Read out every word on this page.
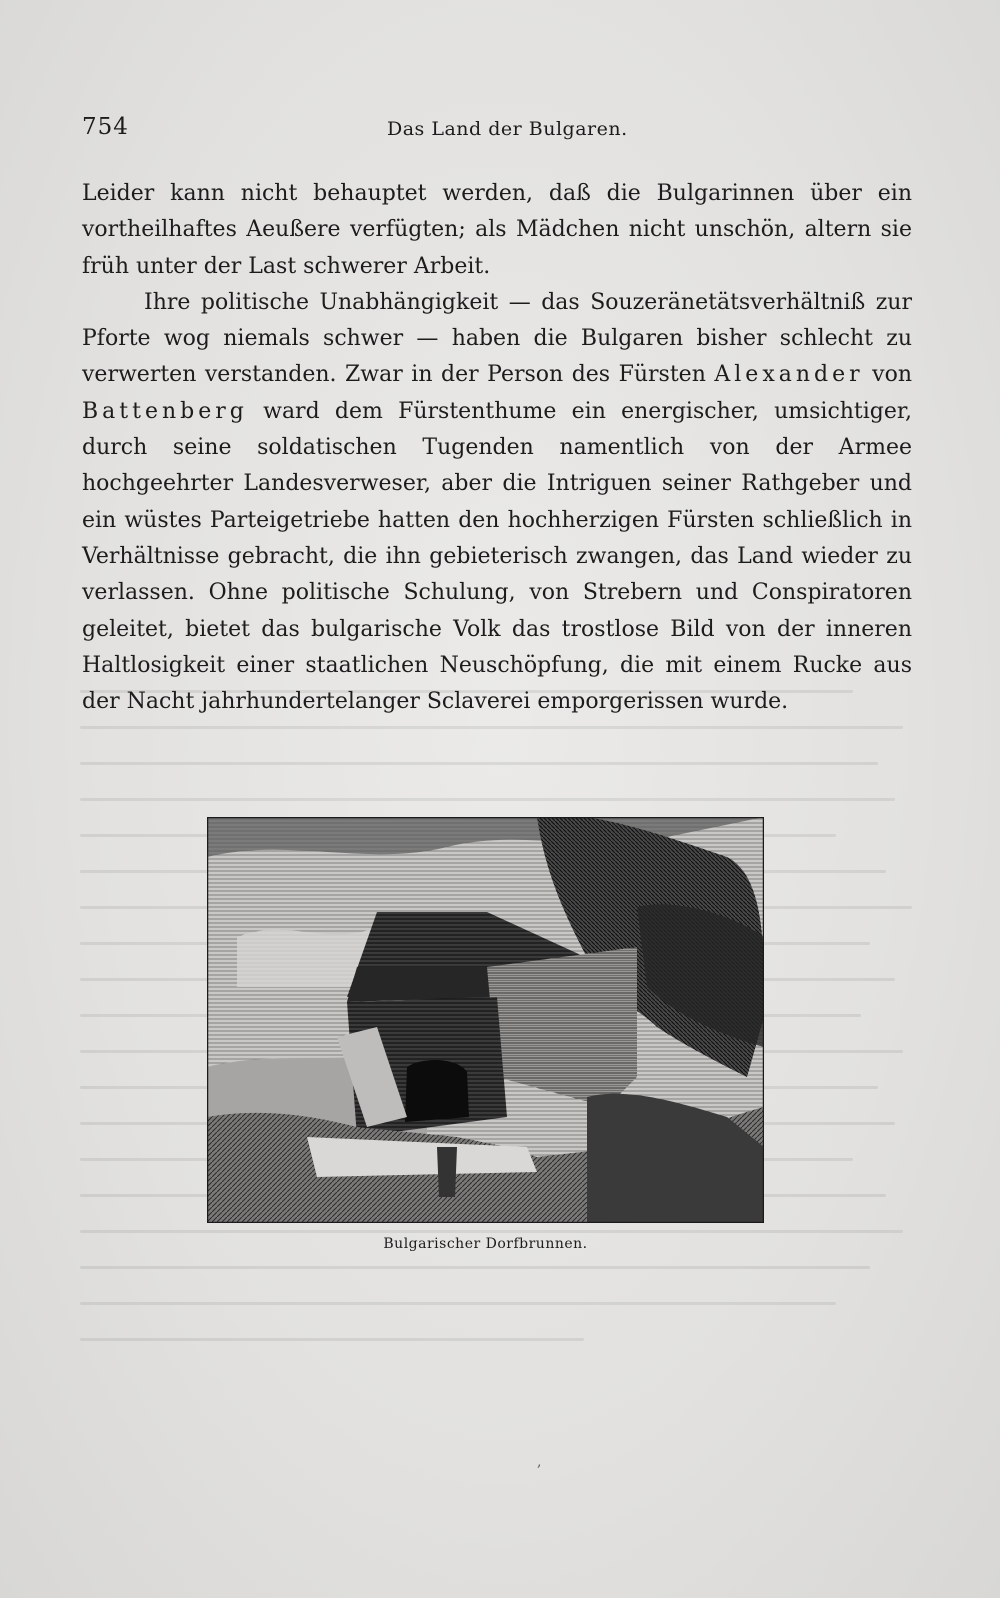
754	Das Land der Bulgaren.

Leider kann nicht behauptet werden, daß die Bulgarinnen über ein vortheilhaftes Aeußere verfügten; als Mädchen nicht unschön, altern sie früh unter der Last schwerer Arbeit.

Ihre politische Unabhängigkeit — das Souzeränetätsverhältniß zur Pforte wog niemals schwer — haben die Bulgaren bisher schlecht zu verwerten verstanden. Zwar in der Person des Fürsten Alexander von Battenberg ward dem Fürstenthume ein energischer, umsichtiger, durch seine soldatischen Tugenden namentlich von der Armee hochgeehrter Landesverweser, aber die Intriguen seiner Rathgeber und ein wüstes Parteigetriebe hatten den hochherzigen Fürsten schließlich in Verhältnisse gebracht, die ihn gebieterisch zwangen, das Land wieder zu verlassen. Ohne politische Schulung, von Strebern und Conspiratoren geleitet, bietet das bulgarische Volk das trostlose Bild von der inneren Haltlosigkeit einer staatlichen Neuschöpfung, die mit einem Rucke aus der Nacht jahrhundertelanger Sclaverei emporgerissen wurde.

Bulgarischer Dorfbrunnen.
,
